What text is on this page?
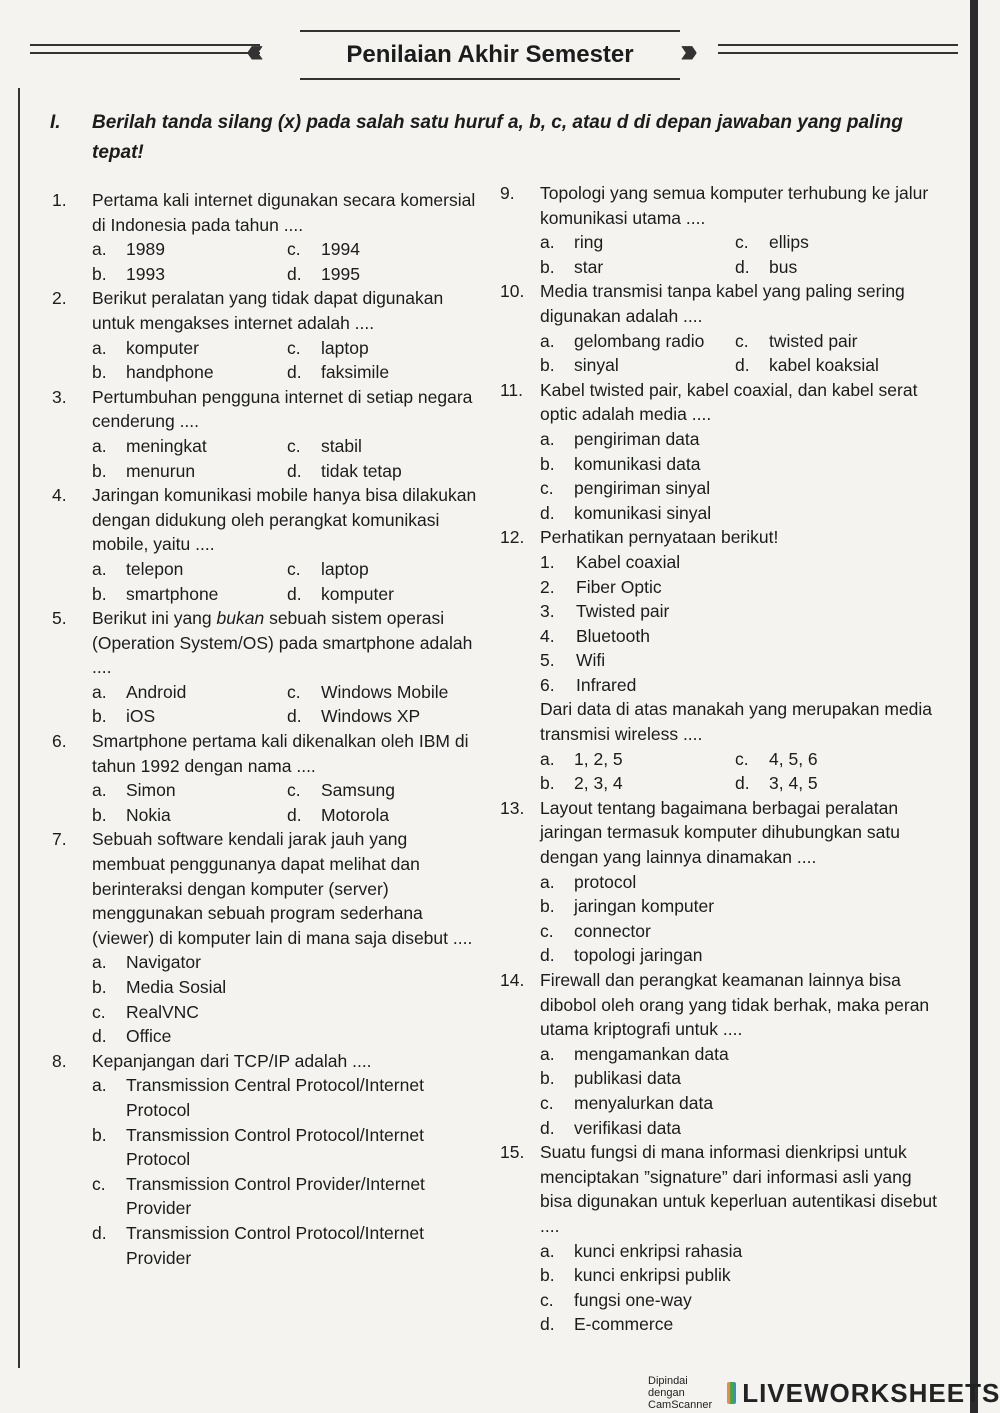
‹‹‹	Penilaian Akhir Semester ›››
I. Berilah tanda silang (x) pada salah satu huruf a, b, c, atau d di depan jawaban yang paling tepat!
1. Pertama kali internet digunakan secara komersial di Indonesia pada tahun ....
a.	1989	c.	1994
b.	1993	d.	1995
2. Berikut peralatan yang tidak dapat digunakan untuk mengakses internet adalah ....
a.	komputer	c.	laptop
b.	handphone	d.	faksimile
3. Pertumbuhan pengguna internet di setiap negara cenderung ....
a.	meningkat	c.	stabil
b.	menurun	d.	tidak tetap
4. Jaringan komunikasi mobile hanya bisa dilakukan dengan didukung oleh perangkat komunikasi mobile, yaitu ....
a.	telepon	c.	laptop
b.	smartphone	d.	komputer
5. Berikut ini yang bukan sebuah sistem operasi (Operation System/OS) pada smartphone adalah ....
a.	Android	c.	Windows Mobile
b.	iOS	d.	Windows XP
6. Smartphone pertama kali dikenalkan oleh IBM di tahun 1992 dengan nama ....
a.	Simon	c.	Samsung
b.	Nokia	d.	Motorola
7. Sebuah software kendali jarak jauh yang membuat penggunanya dapat melihat dan berinteraksi dengan komputer (server) menggunakan sebuah program sederhana (viewer) di komputer lain di mana saja disebut ....
a.	Navigator
b.	Media Sosial
c.	RealVNC
d.	Office
8. Kepanjangan dari TCP/IP adalah ....
a.	Transmission Central Protocol/Internet Protocol
b.	Transmission Control Protocol/Internet Protocol
c.	Transmission Control Provider/Internet Provider
d.	Transmission Control Protocol/Internet Provider
9. Topologi yang semua komputer terhubung ke jalur komunikasi utama ....
a.	ring	c.	ellips
b.	star	d.	bus
10. Media transmisi tanpa kabel yang paling sering digunakan adalah ....
a.	gelombang radio c.	twisted pair
b.	sinyal	d.	kabel koaksial
11. Kabel twisted pair, kabel coaxial, dan kabel serat optic adalah media ....
a.	pengiriman data
b.	komunikasi data
c.	pengiriman sinyal
d.	komunikasi sinyal
12. Perhatikan pernyataan berikut!
1.	Kabel coaxial
2.	Fiber Optic
3.	Twisted pair
4.	Bluetooth
5.	Wifi
6.	Infrared
Dari data di atas manakah yang merupakan media transmisi wireless ....
a.	1, 2, 5	c.	4, 5, 6
b.	2, 3, 4	d.	3, 4, 5
13. Layout tentang bagaimana berbagai peralatan jaringan termasuk komputer dihubungkan satu dengan yang lainnya dinamakan ....
a.	protocol
b.	jaringan komputer
c.	connector
d.	topologi jaringan
14. Firewall dan perangkat keamanan lainnya bisa dibobol oleh orang yang tidak berhak, maka peran utama kriptografi untuk ....
a.	mengamankan data
b.	publikasi data
c.	menyalurkan data
d.	verifikasi data
15. Suatu fungsi di mana informasi dienkripsi untuk menciptakan ”signature” dari informasi asli yang bisa digunakan untuk keperluan autentikasi disebut ....
a.	kunci enkripsi rahasia
b.	kunci enkripsi publik
c.	fungsi one-way
d.	E-commerce
Dipindai dengan CamScanner	LIVEWORKSHEETS
